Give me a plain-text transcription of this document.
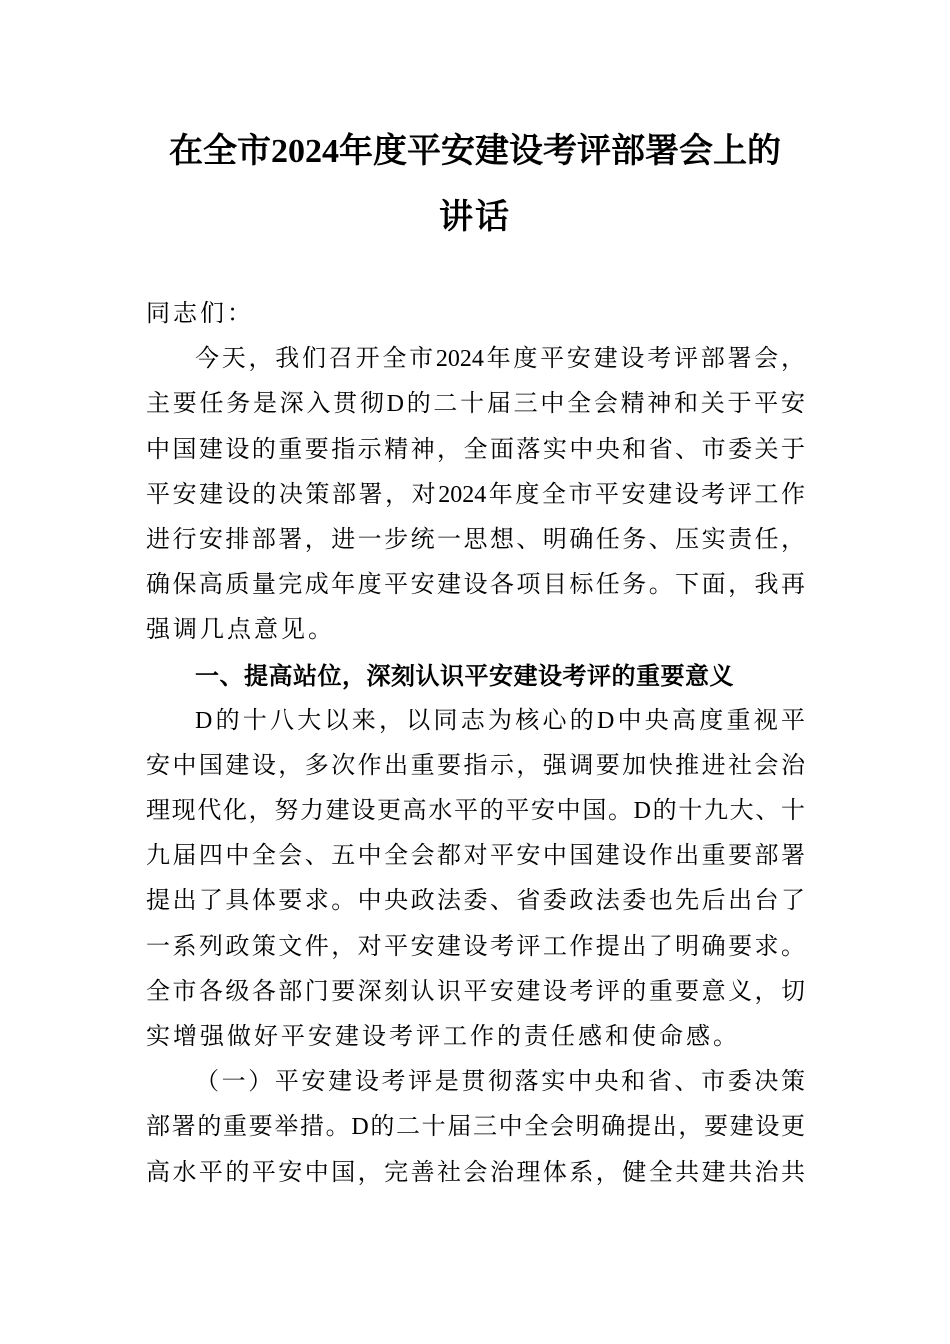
在全市2024年度平安建设考评部署会上的
讲话
同志们：
今天，我们召开全市2024年度平安建设考评部署会，
主要任务是深入贯彻D的二十届三中全会精神和关于平安
中国建设的重要指示精神，全面落实中央和省、市委关于
平安建设的决策部署，对2024年度全市平安建设考评工作
进行安排部署，进一步统一思想、明确任务、压实责任，
确保高质量完成年度平安建设各项目标任务。下面，我再
强调几点意见。
一、提高站位，深刻认识平安建设考评的重要意义
D的十八大以来，以同志为核心的D中央高度重视平
安中国建设，多次作出重要指示，强调要加快推进社会治
理现代化，努力建设更高水平的平安中国。D的十九大、十
九届四中全会、五中全会都对平安中国建设作出重要部署
提出了具体要求。中央政法委、省委政法委也先后出台了
一系列政策文件，对平安建设考评工作提出了明确要求。
全市各级各部门要深刻认识平安建设考评的重要意义，切
实增强做好平安建设考评工作的责任感和使命感。
（一）平安建设考评是贯彻落实中央和省、市委决策
部署的重要举措。D的二十届三中全会明确提出，要建设更
高水平的平安中国，完善社会治理体系，健全共建共治共
